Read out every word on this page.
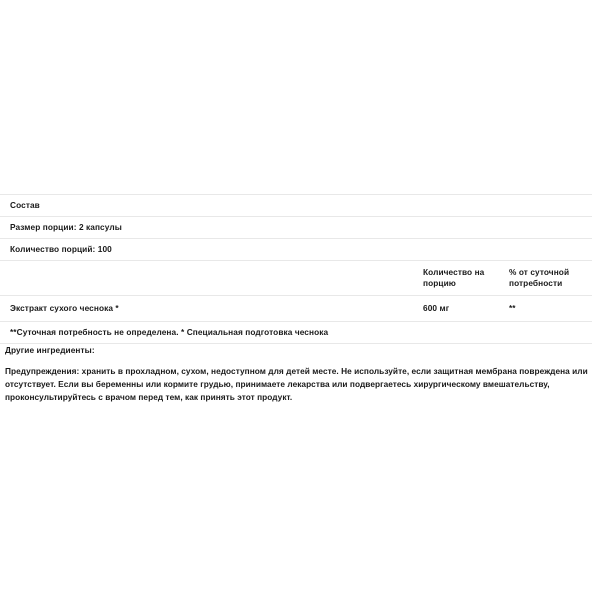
Состав		
Размер порции: 2 капсулы		
Количество порций: 100		
	Количество на порцию	% от суточной потребности
Экстракт сухого чеснока *	600 мг	**
**Суточная потребность не определена. * Специальная подготовка чеснока		
Другие ингредиенты:
Предупреждения: хранить в прохладном, сухом, недоступном для детей месте. Не используйте, если защитная мембрана повреждена или отсутствует. Если вы беременны или кормите грудью, принимаете лекарства или подвергаетесь хирургическому вмешательству, проконсультируйтесь с врачом перед тем, как принять этот продукт.
